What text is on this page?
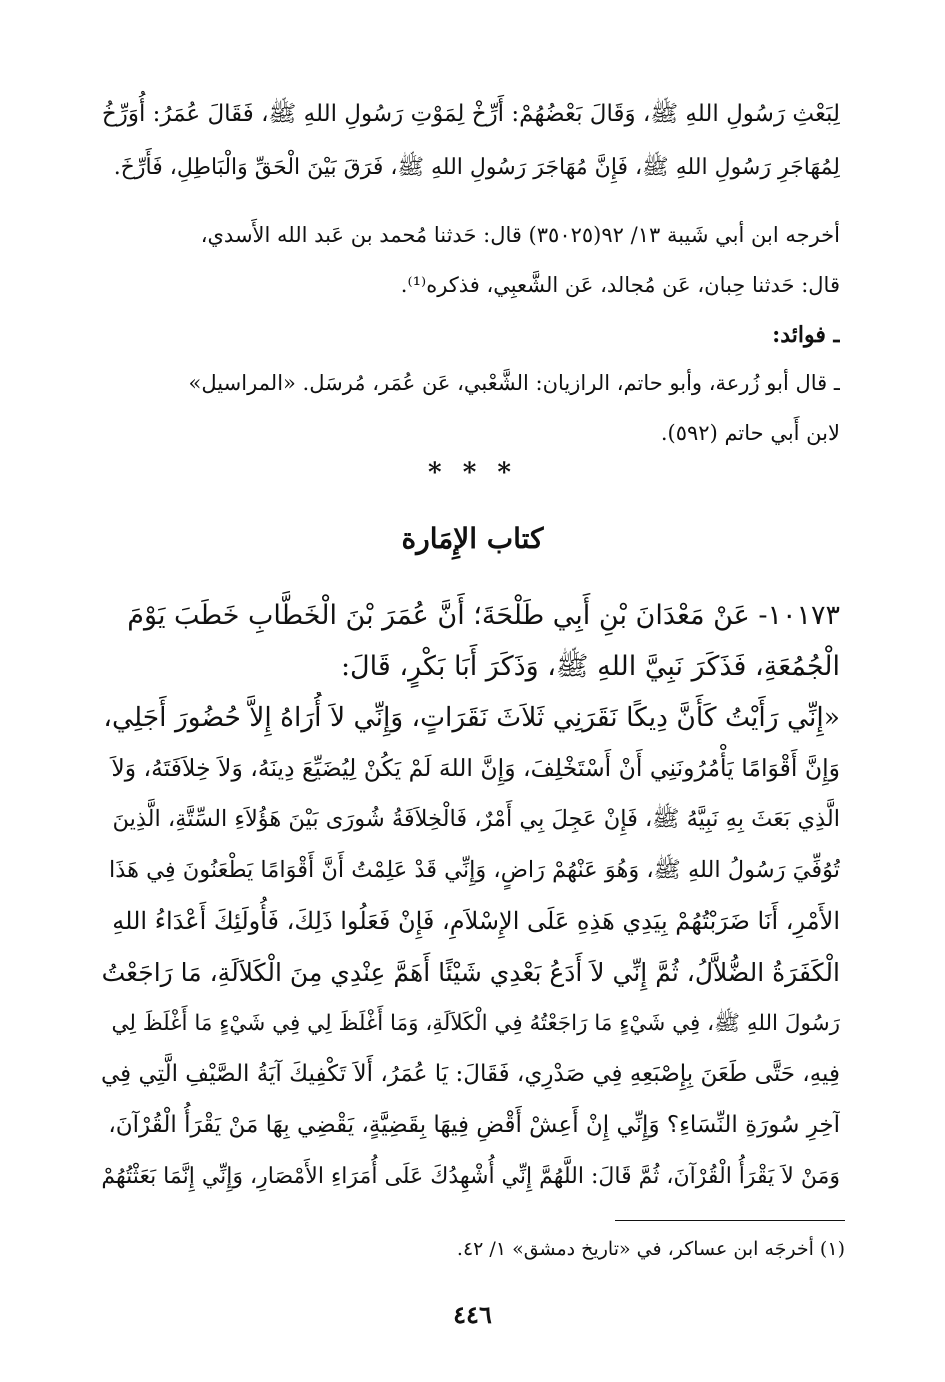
لِبَعْثِ رَسُولِ اللهِ ﷺ، وَقَالَ بَعْضُهُمْ: أَرِّخْ لِمَوْتِ رَسُولِ اللهِ ﷺ، فَقَالَ عُمَرُ: أُوَرِّخُ
لِمُهَاجَرِ رَسُولِ اللهِ ﷺ، فَإِنَّ مُهَاجَرَ رَسُولِ اللهِ ﷺ، فَرَقَ بَيْنَ الْحَقِّ وَالْبَاطِلِ، فَأَرِّخَ.
أخرجه ابن أبي شَيبة ١٣/ ٩٢(٣٥٠٢٥) قال: حَدثنا مُحمد بن عَبد الله الأَسدي،
قال: حَدثنا حِبان، عَن مُجالد، عَن الشَّعبِي، فذكره⁽¹⁾.
ـ فوائد:
ـ قال أبو زُرعة، وأبو حاتم، الرازيان: الشَّعْبي، عَن عُمَر، مُرسَل. «المراسيل»
لابن أَبي حاتم (٥٩٢).
* * *
كتاب الإِمَارة
١٠١٧٣- عَنْ مَعْدَانَ بْنِ أَبِي طَلْحَةَ؛ أَنَّ عُمَرَ بْنَ الْخَطَّابِ خَطَبَ يَوْمَ
الْجُمُعَةِ، فَذَكَرَ نَبِيَّ اللهِ ﷺ، وَذَكَرَ أَبَا بَكْرٍ، قَالَ:
«إِنِّي رَأَيْتُ كَأَنَّ دِيكًا نَقَرَنِي ثَلاَثَ نَقَرَاتٍ، وَإِنِّي لاَ أُرَاهُ إِلاَّ حُضُورَ أَجَلِي،
وَإِنَّ أَقْوَامًا يَأْمُرُونَنِي أَنْ أَسْتَخْلِفَ، وَإِنَّ اللهَ لَمْ يَكُنْ لِيُضَيِّعَ دِينَهُ، وَلاَ خِلاَفَتَهُ، وَلاَ
الَّذِي بَعَثَ بِهِ نَبِيَّهُ ﷺ، فَإِنْ عَجِلَ بِي أَمْرٌ، فَالْخِلاَفَةُ شُورَى بَيْنَ هَؤُلاَءِ السِّتَّةِ، الَّذِينَ
تُوُفِّيَ رَسُولُ اللهِ ﷺ، وَهُوَ عَنْهُمْ رَاضٍ، وَإِنِّي قَدْ عَلِمْتُ أَنَّ أَقْوَامًا يَطْعَنُونَ فِي هَذَا
الأَمْرِ، أَنَا ضَرَبْتُهُمْ بِيَدِي هَذِهِ عَلَى الإِسْلاَمِ، فَإِنْ فَعَلُوا ذَلِكَ، فَأُولَئِكَ أَعْدَاءُ اللهِ
الْكَفَرَةُ الضُّلاَّلُ، ثُمَّ إِنِّي لاَ أَدَعُ بَعْدِي شَيْئًا أَهَمَّ عِنْدِي مِنَ الْكَلاَلَةِ، مَا رَاجَعْتُ
رَسُولَ اللهِ ﷺ، فِي شَيْءٍ مَا رَاجَعْتُهُ فِي الْكَلاَلَةِ، وَمَا أَغْلَظَ لِي فِي شَيْءٍ مَا أَغْلَظَ لِي
فِيهِ، حَتَّى طَعَنَ بِإِصْبَعِهِ فِي صَدْرِي، فَقَالَ: يَا عُمَرُ، أَلاَ تَكْفِيكَ آيَةُ الصَّيْفِ الَّتِي فِي
آخِرِ سُورَةِ النِّسَاءِ؟ وَإِنِّي إِنْ أَعِشْ أَقْضِ فِيهَا بِقَضِيَّةٍ، يَقْضِي بِهَا مَنْ يَقْرَأُ الْقُرْآنَ،
وَمَنْ لاَ يَقْرَأُ الْقُرْآنَ، ثُمَّ قَالَ: اللَّهُمَّ إِنِّي أُشْهِدُكَ عَلَى أُمَرَاءِ الأَمْصَارِ، وَإِنِّي إِنَّمَا بَعَثْتُهُمْ
(١) أخرجَه ابن عساكر، في «تاريخ دمشق» ١/ ٤٢.
٤٤٦
